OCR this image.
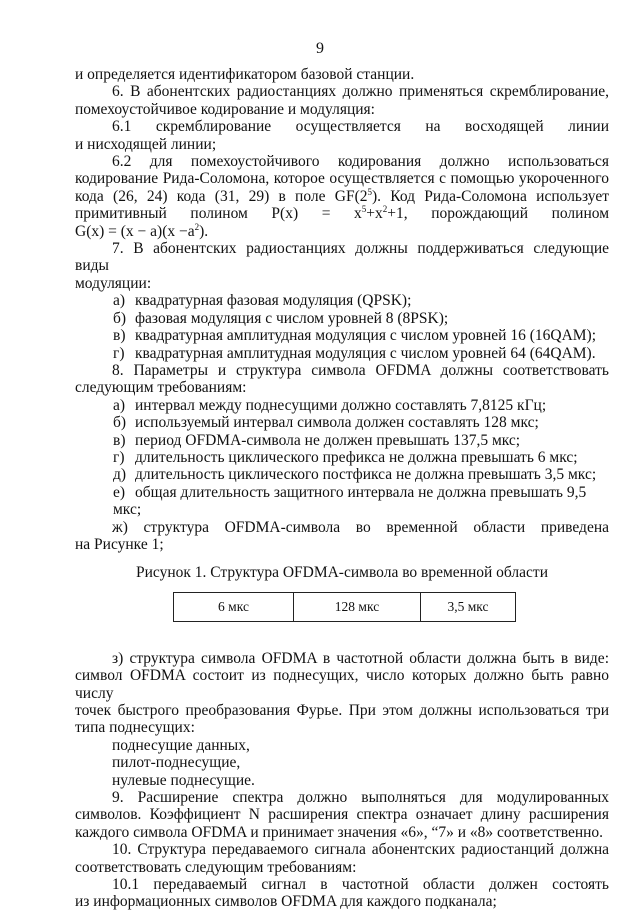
9

и определяется идентификатором базовой станции.

6. В абонентских радиостанциях должно применяться скремблирование,
помехоустойчивое кодирование и модуляция:
6.1 скремблирование осуществляется на восходящей линии
и нисходящей линии;
6.2 для помехоустойчивого кодирования должно использоваться
кодирование Рида-Соломона, которое осуществляется с помощью укороченного
кода (26, 24) кода (31, 29) в поле $GF(2^5)$. Код Рида-Соломона использует
примитивный полином $P(x) = x^5+x^2+1$, порождающий полином
$G(x) = (x - a)(x -a^2)$.
7. В абонентских радиостанциях должны поддерживаться следующие виды
модуляции:
а) квадратурная фазовая модуляция (QPSK);
б) фазовая модуляция с числом уровней 8 (8PSK);
в) квадратурная амплитудная модуляция с числом уровней 16 (16QAM);
г) квадратурная амплитудная модуляция с числом уровней 64 (64QAM).
8. Параметры и структура символа OFDMA должны соответствовать
следующим требованиям:
а) интервал между поднесущими должно составлять 7,8125 кГц;
б) используемый интервал символа должен составлять 128 мкс;
в) период OFDMA-символа не должен превышать 137,5 мкс;
г) длительность циклического префикса не должна превышать 6 мкс;
д) длительность циклического постфикса не должна превышать 3,5 мкс;
е) общая длительность защитного интервала не должна превышать 9,5 мкс;
ж) структура OFDMA-символа во временной области приведена
на Рисунке 1;
Рисунок 1. Структура OFDMA-символа во временной области
6 мкс	128 мкс	3,5 мкс
з) структура символа OFDMA в частотной области должна быть в виде:
символ OFDMA состоит из поднесущих, число которых должно быть равно числу
точек быстрого преобразования Фурье. При этом должны использоваться три
типа поднесущих:
поднесущие данных,
пилот-поднесущие,
нулевые поднесущие.
9. Расширение спектра должно выполняться для модулированных
символов. Коэффициент N расширения спектра означает длину расширения
каждого символа OFDMA и принимает значения «6», “7» и «8» соответственно.
10. Структура передаваемого сигнала абонентских радиостанций должна
соответствовать следующим требованиям:
10.1 передаваемый сигнал в частотной области должен состоять
из информационных символов OFDMA для каждого подканала;
